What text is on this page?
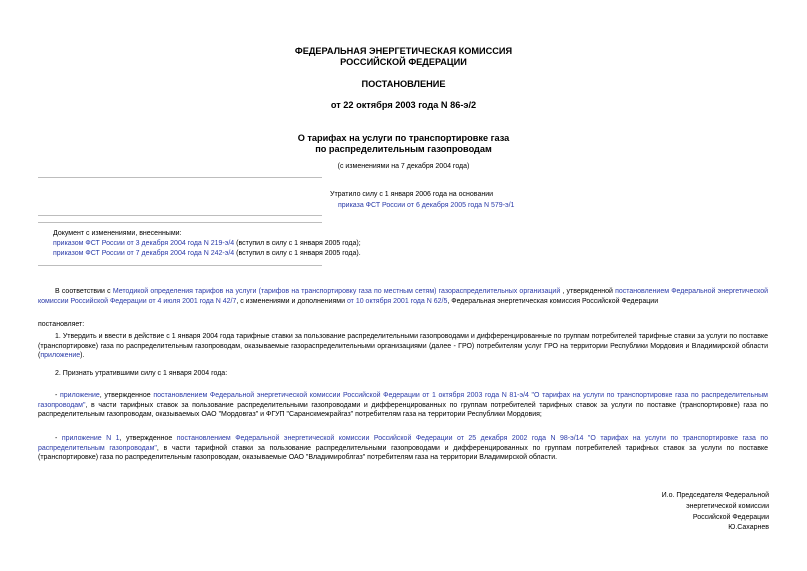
ФЕДЕРАЛЬНАЯ ЭНЕРГЕТИЧЕСКАЯ КОМИССИЯ
РОССИЙСКОЙ ФЕДЕРАЦИИ
ПОСТАНОВЛЕНИЕ
от 22 октября 2003 года N 86-э/2
О тарифах на услуги по транспортировке газа
по распределительным газопроводам
(с изменениями на 7 декабря 2004 года)
Утратило силу с 1 января 2006 года на основании
приказа ФСТ России от 6 декабря 2005 года N 579-э/1
Документ с изменениями, внесенными:
приказом ФСТ России от 3 декабря 2004 года N 219-э/4 (вступил в силу с 1 января 2005 года);
приказом ФСТ России от 7 декабря 2004 года N 242-э/4 (вступил в силу с 1 января 2005 года).
В соответствии с Методикой определения тарифов на услуги (тарифов на транспортировку газа по местным сетям) газораспределительных организаций , утвержденной постановлением Федеральной энергетической комиссии Российской Федерации от 4 июля 2001 года N 42/7, с изменениями и дополнениями от 10 октября 2001 года N 62/5, Федеральная энергетическая комиссия Российской Федерации
постановляет:
1. Утвердить и ввести в действие с 1 января 2004 года тарифные ставки за пользование распределительными газопроводами и дифференцированные по группам потребителей тарифные ставки за услуги по поставке (транспортировке) газа по распределительным газопроводам, оказываемые газораспределительными организациями (далее - ГРО) потребителям услуг ГРО на территории Республики Мордовия и Владимирской области (приложение).
2. Признать утратившими силу с 1 января 2004 года:
- приложение, утвержденное постановлением Федеральной энергетической комиссии Российской Федерации от 1 октября 2003 года N 81-э/4 "О тарифах на услуги по транспортировке газа по распределительным газопроводам", в части тарифных ставок за пользование распределительными газопроводами и дифференцированных по группам потребителей тарифных ставок за услуги по поставке (транспортировке) газа по распределительным газопроводам, оказываемых ОАО "Мордовгаз" и ФГУП "Саранскмежрайгаз" потребителям газа на территории Республики Мордовия;
- приложение N 1, утвержденное постановлением Федеральной энергетической комиссии Российской Федерации от 25 декабря 2002 года N 98-э/14 "О тарифах на услуги по транспортировке газа по распределительным газопроводам", в части тарифной ставки за пользование распределительными газопроводами и дифференцированных по группам потребителей тарифных ставок за услуги по поставке (транспортировке) газа по распределительным газопроводам, оказываемые ОАО "Владимироблгаз" потребителям газа на территории Владимирской области.
И.о. Председателя Федеральной
энергетической комиссии
Российской Федерации
Ю.Сахарнев
